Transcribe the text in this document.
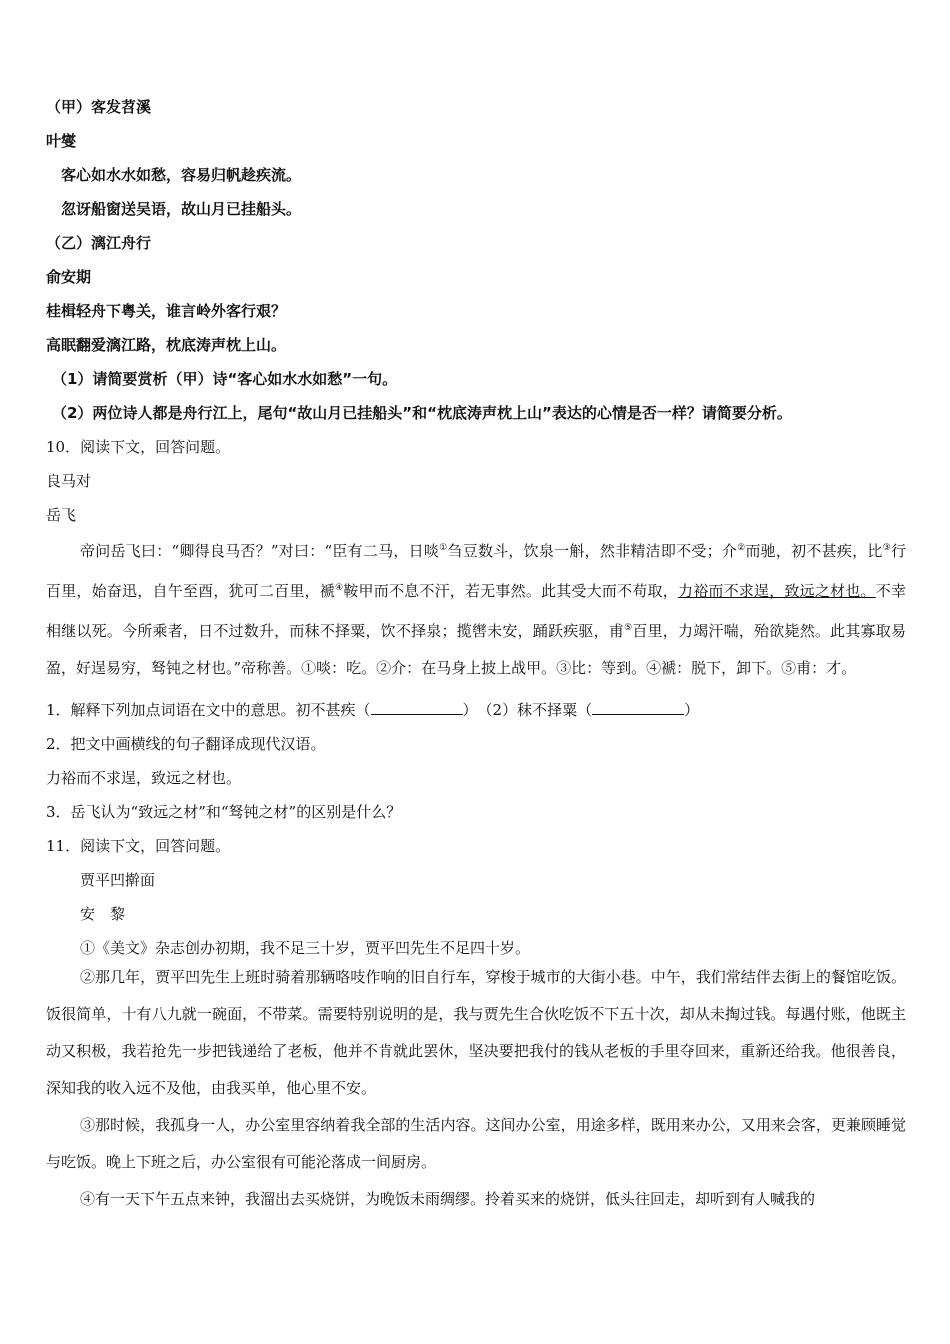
（甲）客发苕溪
叶燮
客心如水水如愁，容易归帆趁疾流。
忽讶船窗送吴语，故山月已挂船头。
（乙）漓江舟行
俞安期
桂楫轻舟下粤关，谁言岭外客行艰？
高眠翻爱漓江路，枕底涛声枕上山。
（1）请简要赏析（甲）诗“客心如水水如愁”一句。
（2）两位诗人都是舟行江上，尾句“故山月已挂船头”和“枕底涛声枕上山”表达的心情是否一样？请简要分析。
10．阅读下文，回答问题。
良马对
岳飞
帝问岳飞曰：“卿得良马否？”对曰：“臣有二马，日啖①刍豆数斗，饮泉一斛，然非精洁即不受；介②而驰，初不甚疾，比③行百里，始奋迅，自午至酉，犹可二百里，褫④鞍甲而不息不汗，若无事然。此其受大而不苟取，力裕而不求逞，致远之材也。不幸相继以死。今所乘者，日不过数升，而秣不择粟，饮不择泉；揽辔未安，踊跃疾驱，甫⑤百里，力竭汗喘，殆欲毙然。此其寡取易盈，好逞易穷，驽钝之材也。”帝称善。①啖：吃。②介：在马身上披上战甲。③比：等到。④褫：脱下，卸下。⑤甫：才。
1．解释下列加点词语在文中的意思。初不甚疾（	）　（2）秣不择粟（	）
2．把文中画横线的句子翻译成现代汉语。
力裕而不求逞，致远之材也。
3．岳飞认为“致远之材”和“驽钝之材”的区别是什么？
11．阅读下文，回答问题。
贾平凹擀面
安　黎
①《美文》杂志创办初期，我不足三十岁，贾平凹先生不足四十岁。
②那几年，贾平凹先生上班时骑着那辆咯吱作响的旧自行车，穿梭于城市的大街小巷。中午，我们常结伴去街上的餐馆吃饭。饭很简单，十有八九就一碗面，不带菜。需要特别说明的是，我与贾先生合伙吃饭不下五十次，却从未掏过钱。每遇付账，他既主动又积极，我若抢先一步把钱递给了老板，他并不肯就此罢休，坚决要把我付的钱从老板的手里夺回来，重新还给我。他很善良，深知我的收入远不及他，由我买单，他心里不安。
③那时候，我孤身一人，办公室里容纳着我全部的生活内容。这间办公室，用途多样，既用来办公，又用来会客，更兼顾睡觉与吃饭。晚上下班之后，办公室很有可能沦落成一间厨房。
④有一天下午五点来钟，我溜出去买烧饼，为晚饭未雨绸缪。拎着买来的烧饼，低头往回走，却听到有人喊我的
